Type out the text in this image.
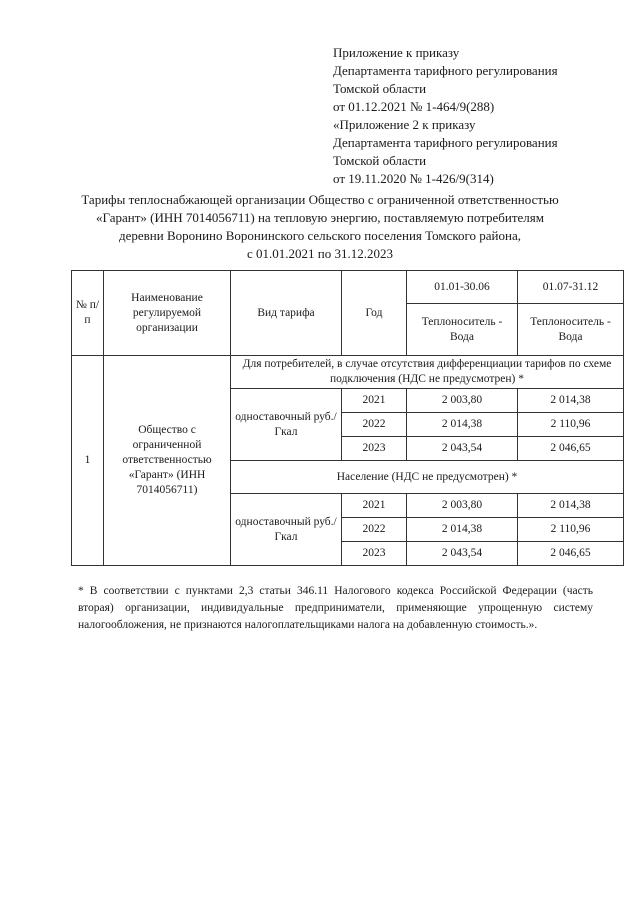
Приложение к приказу
Департамента тарифного регулирования
Томской области
от 01.12.2021 № 1-464/9(288)
«Приложение 2 к приказу
Департамента тарифного регулирования
Томской области
от 19.11.2020 № 1-426/9(314)
Тарифы теплоснабжающей организации Общество с ограниченной ответственностью
«Гарант» (ИНН 7014056711) на тепловую энергию, поставляемую потребителям
деревни Воронино Воронинского сельского поселения Томского района,
с 01.01.2021 по 31.12.2023
№ п/п	Наименование регулируемой организации	Вид тарифа	Год	01.01-30.06	01.07-31.12
				Теплоноситель - Вода	Теплоноситель - Вода
1	Общество с ограниченной ответственностью «Гарант» (ИНН 7014056711)	Для потребителей, в случае отсутствия дифференциации тарифов по схеме подключения (НДС не предусмотрен) *			
		одноставочный руб./Гкал	2021	2 003,80	2 014,38
			2022	2 014,38	2 110,96
			2023	2 043,54	2 046,65
		Население (НДС не предусмотрен) *			
		одноставочный руб./Гкал	2021	2 003,80	2 014,38
			2022	2 014,38	2 110,96
			2023	2 043,54	2 046,65
* В соответствии с пунктами 2,3 статьи 346.11 Налогового кодекса Российской Федерации (часть вторая) организации, индивидуальные предприниматели, применяющие упрощенную систему налогообложения, не признаются налогоплательщиками налога на добавленную стоимость.».
